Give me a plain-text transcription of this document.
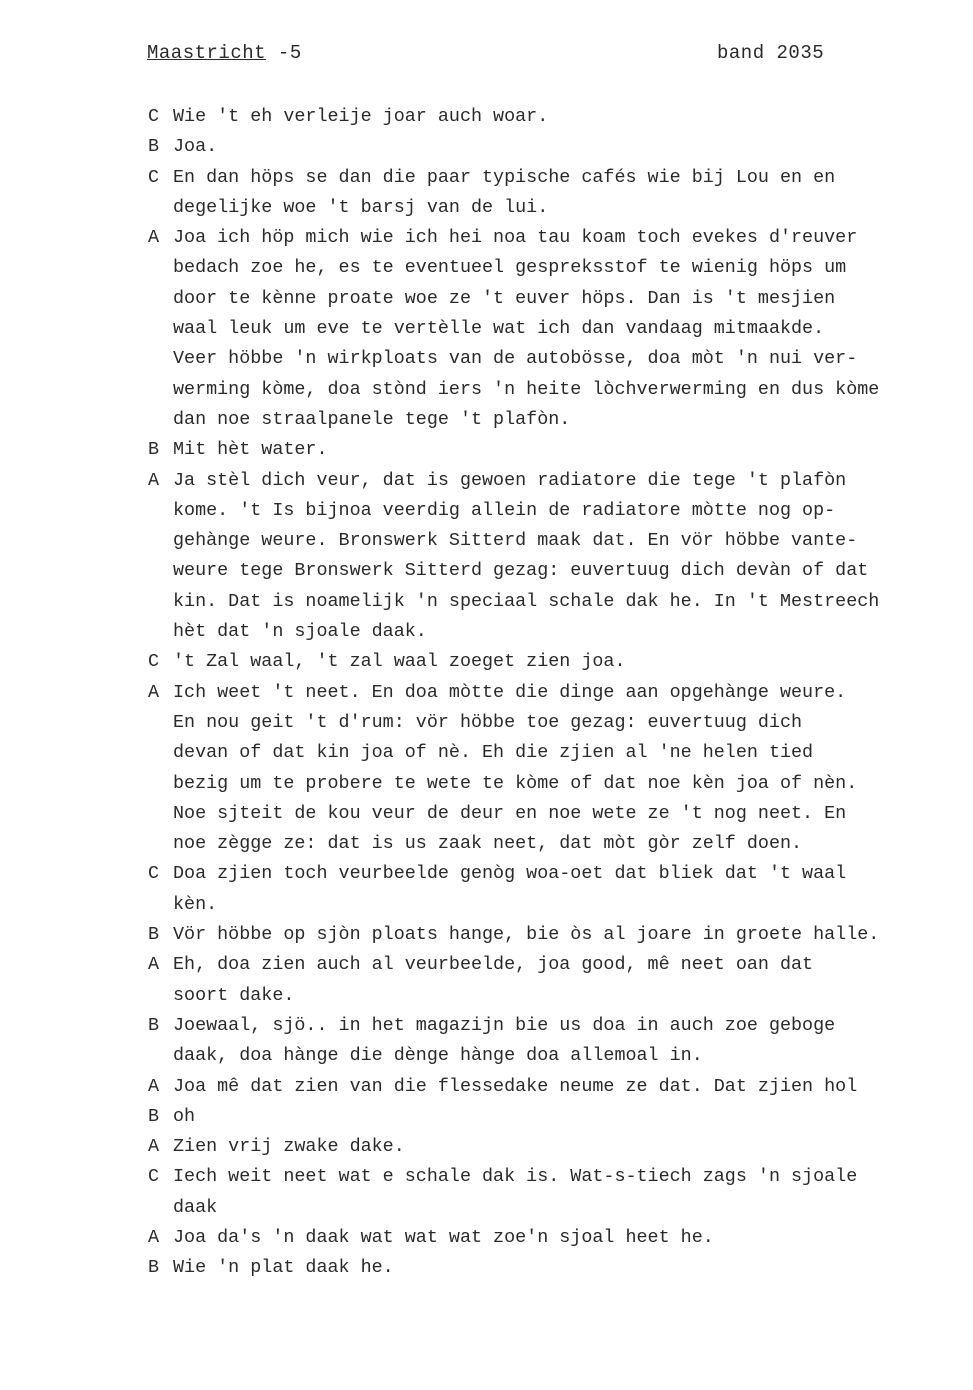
Maastricht -5	band 2035
C Wie 't eh verleije joar auch woar.
B Joa.
C En dan höps se dan die paar typische cafés wie bij Lou en en
degelijke woe 't barsj van de lui.
A Joa ich höp mich wie ich hei noa tau koam toch evekes d'reuver
bedach zoe he, es te eventueel gespreksstof te wienig höps um
door te kènne proate woe ze 't euver höps. Dan is 't mesjien
waal leuk um eve te vertèlle wat ich dan vandaag mitmaakde.
Veer höbbe 'n wirkploats van de autobösse, doa mòt 'n nui ver-
werming kòme, doa stònd iers 'n heite lòchverwerming en dus kòme
dan noe straalpanele tege 't plafòn.
B Mit hèt water.
A Ja stèl dich veur, dat is gewoen radiatore die tege 't plafòn
kome. 't Is bijnoa veerdig allein de radiatore mòtte nog op-
gehànge weure. Bronswerk Sitterd maak dat. En vör höbbe vante-
weure tege Bronswerk Sitterd gezag: euvertuug dich devàn of dat
kin. Dat is noamelijk 'n speciaal schale dak he. In 't Mestreech
hèt dat 'n sjoale daak.
C 't Zal waal, 't zal waal zoeget zien joa.
A Ich weet 't neet. En doa mòtte die dinge aan opgehànge weure.
En nou geit 't d'rum: vör höbbe toe gezag: euvertuug dich
devan of dat kin joa of nè. Eh die zjien al 'ne helen tied
bezig um te probere te wete te kòme of dat noe kèn joa of nèn.
Noe sjteit de kou veur de deur en noe wete ze 't nog neet. En
noe zègge ze: dat is us zaak neet, dat mòt gòr zelf doen.
C Doa zjien toch veurbeelde genòg woa-oet dat bliek dat 't waal
kèn.
B Vör höbbe op sjòn ploats hange, bie òs al joare in groete halle.
A Eh, doa zien auch al veurbeelde, joa good, mê neet oan dat
soort dake.
B Joewaal, sjö.. in het magazijn bie us doa in auch zoe geboge
daak, doa hànge die dènge hànge doa allemoal in.
A Joa mê dat zien van die flessedake neume ze dat. Dat zjien hol
B oh
A Zien vrij zwake dake.
C Iech weit neet wat e schale dak is. Wat-s-tiech zags 'n sjoale
daak
A Joa da's 'n daak wat wat wat zoe'n sjoal heet he.
B Wie 'n plat daak he.
